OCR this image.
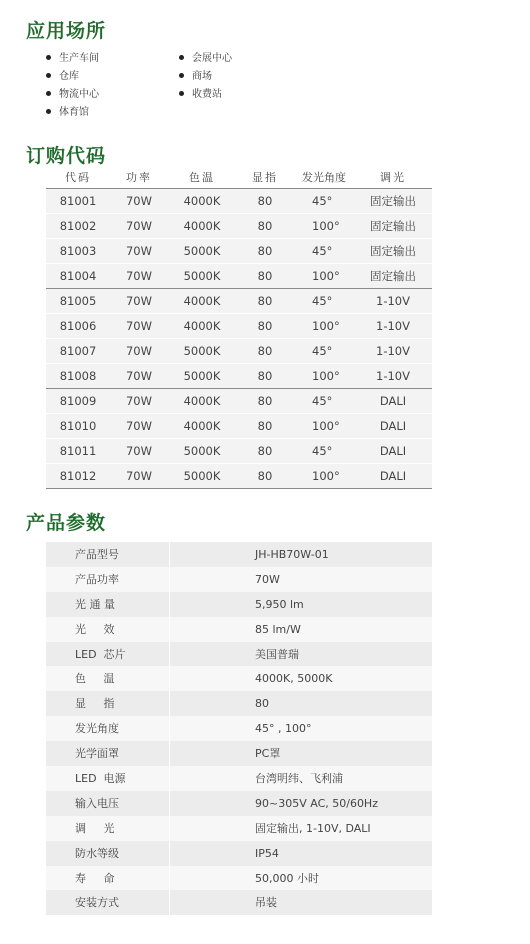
应用场所
生产车间
仓库
物流中心
体育馆
会展中心
商场
收费站
订购代码
代码	功率	色温	显指	发光角度	调光
81001	70W	4000K	80	45°	固定输出
81002	70W	4000K	80	100°	固定输出
81003	70W	5000K	80	45°	固定输出
81004	70W	5000K	80	100°	固定输出
81005	70W	4000K	80	45°	1-10V
81006	70W	4000K	80	100°	1-10V
81007	70W	5000K	80	45°	1-10V
81008	70W	5000K	80	100°	1-10V
81009	70W	4000K	80	45°	DALI
81010	70W	4000K	80	100°	DALI
81011	70W	5000K	80	45°	DALI
81012	70W	5000K	80	100°	DALI
产品参数
产品型号	JH-HB70W-01
产品功率	70W
光 通 量	5,950 lm
光     效	85 lm/W
LED  芯片	美国普瑞
色     温	4000K, 5000K
显     指	80
发光角度	45° , 100°
光学面罩	PC罩
LED  电源	台湾明纬、飞利浦
输入电压	90~305V AC, 50/60Hz
调     光	固定输出, 1-10V, DALI
防水等级	IP54
寿     命	50,000 小时
安装方式	吊装
